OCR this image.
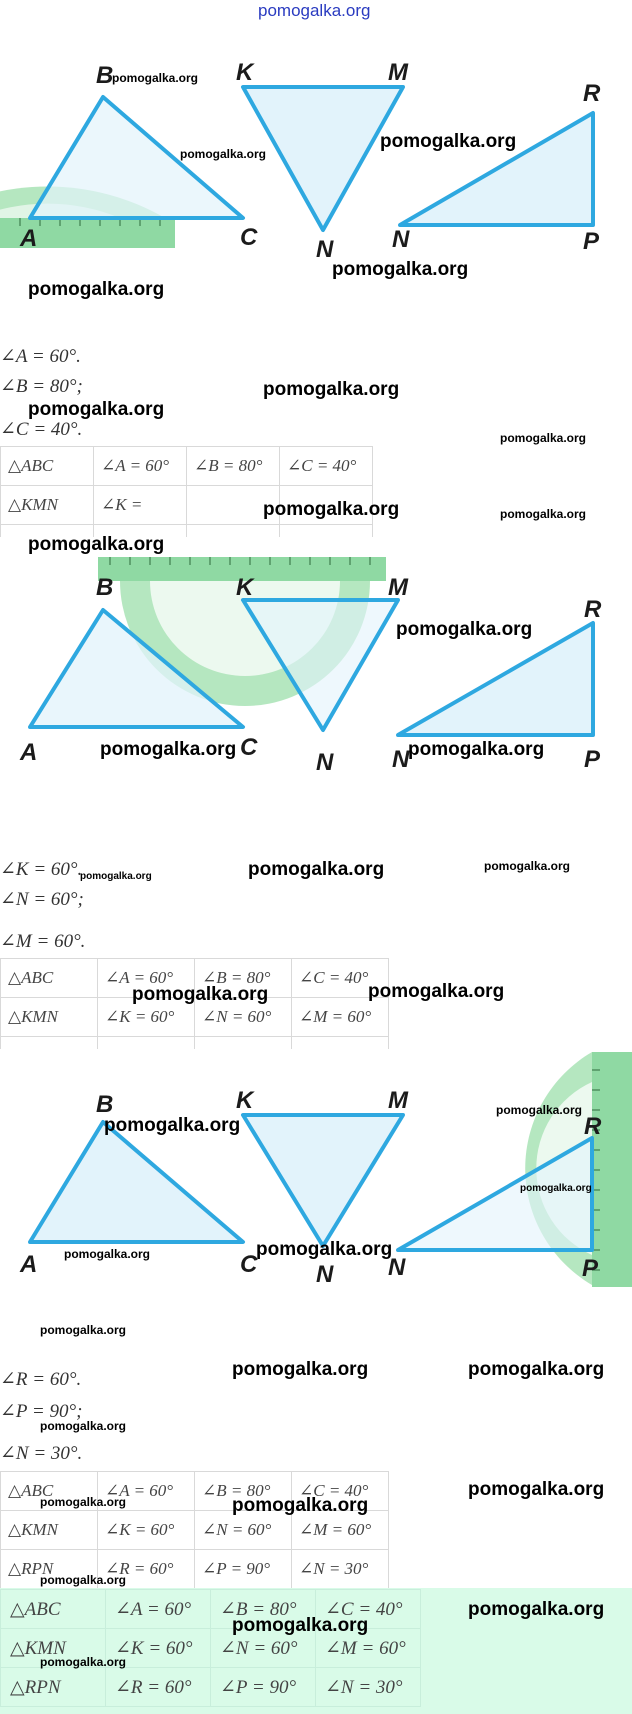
pomogalka.org
A
B
C
K	M
N
R
N	P
pomogalka.org
pomogalka.org
pomogalka.org
pomogalka.org
pomogalka.org
∠A = 60°.
∠B = 80°;
∠C = 40°.
pomogalka.org
pomogalka.org
pomogalka.org
△ABC	∠A = 60°	∠B = 80°	∠C = 40°
△KMN	∠K =		
				pomogalka.org	pomogalka.org
pomogalka.org
A
B
C
K	M
N
R
N	P
pomogalka.org
pomogalka.org	pomogalka.org
∠K = 60°.
∠N = 60°;
∠M = 60°.
pomogalka.org	pomogalka.org	pomogalka.org
△ABC	∠A = 60°	∠B = 80°	∠C = 40°
△KMN	∠K = 60°	∠N = 60°	∠M = 60°

pomogalka.org	pomogalka.org
A
B
C
K	M
N
R
N	P
pomogalka.org
pomogalka.org
pomogalka.org
pomogalka.org	pomogalka.org
pomogalka.org
∠R = 60°.
∠P = 90°;
∠N = 30°.
pomogalka.org	pomogalka.org
pomogalka.org
△ABC	∠A = 60°	∠B = 80°	∠C = 40°
△KMN	∠K = 60°	∠N = 60°	∠M = 60°
△RPN	∠R = 60°	∠P = 90°	∠N = 30°
pomogalka.org	pomogalka.org
pomogalka.org
pomogalka.org
△ABC	∠A = 60°	∠B = 80°	∠C = 40°
△KMN	∠K = 60°	∠N = 60°	∠M = 60°
△RPN	∠R = 60°	∠P = 90°	∠N = 30°
pomogalka.org
pomogalka.org
pomogalka.org
